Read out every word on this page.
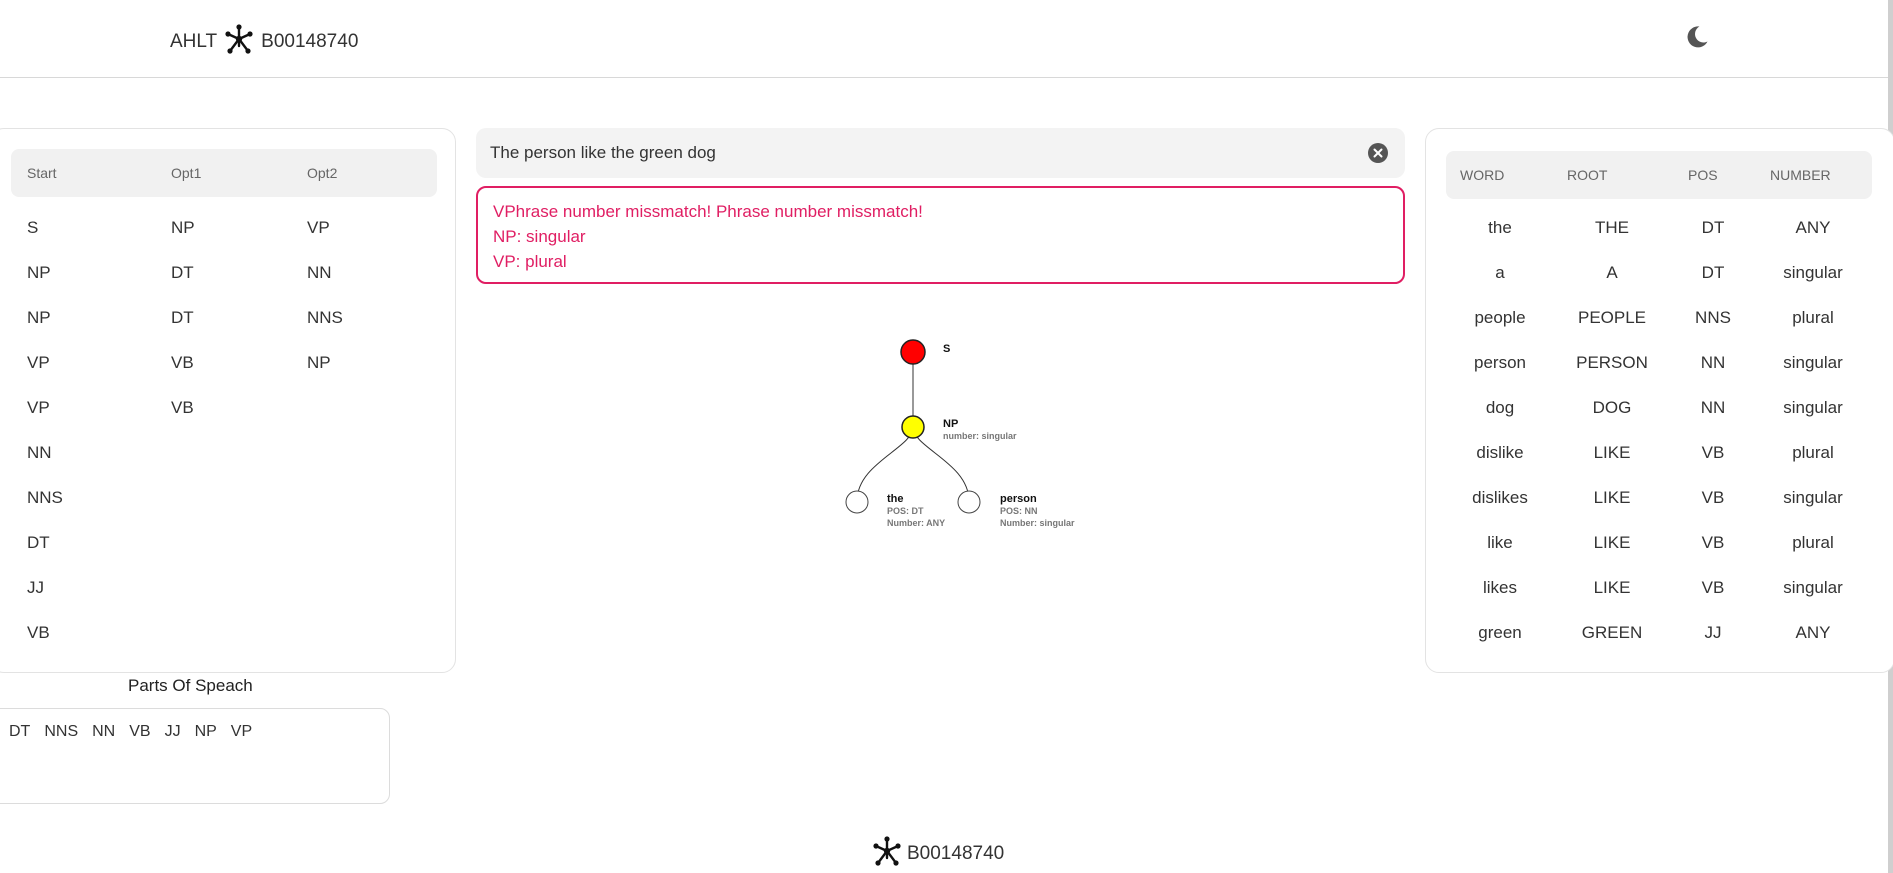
AHLT B00148740
Start	Opt1	Opt2
S	NP	VP
NP	DT	NN
NP	DT	NNS
VP	VB	NP
VP	VB
NN
NNS
DT
JJ
VB
Parts Of Speach
DT NNS NN VB JJ NP VP
The person like the green dog
VPhrase number missmatch! Phrase number missmatch!
NP: singular
VP: plural
S
NP
number: singular
the
POS: DT
Number: ANY
person
POS: NN
Number: singular
WORD	ROOT	POS	NUMBER
the	THE	DT	ANY
a	A	DT	singular
people	PEOPLE	NNS	plural
person	PERSON	NN	singular
dog	DOG	NN	singular
dislike	LIKE	VB	plural
dislikes	LIKE	VB	singular
like	LIKE	VB	plural
likes	LIKE	VB	singular
green	GREEN	JJ	ANY
B00148740
